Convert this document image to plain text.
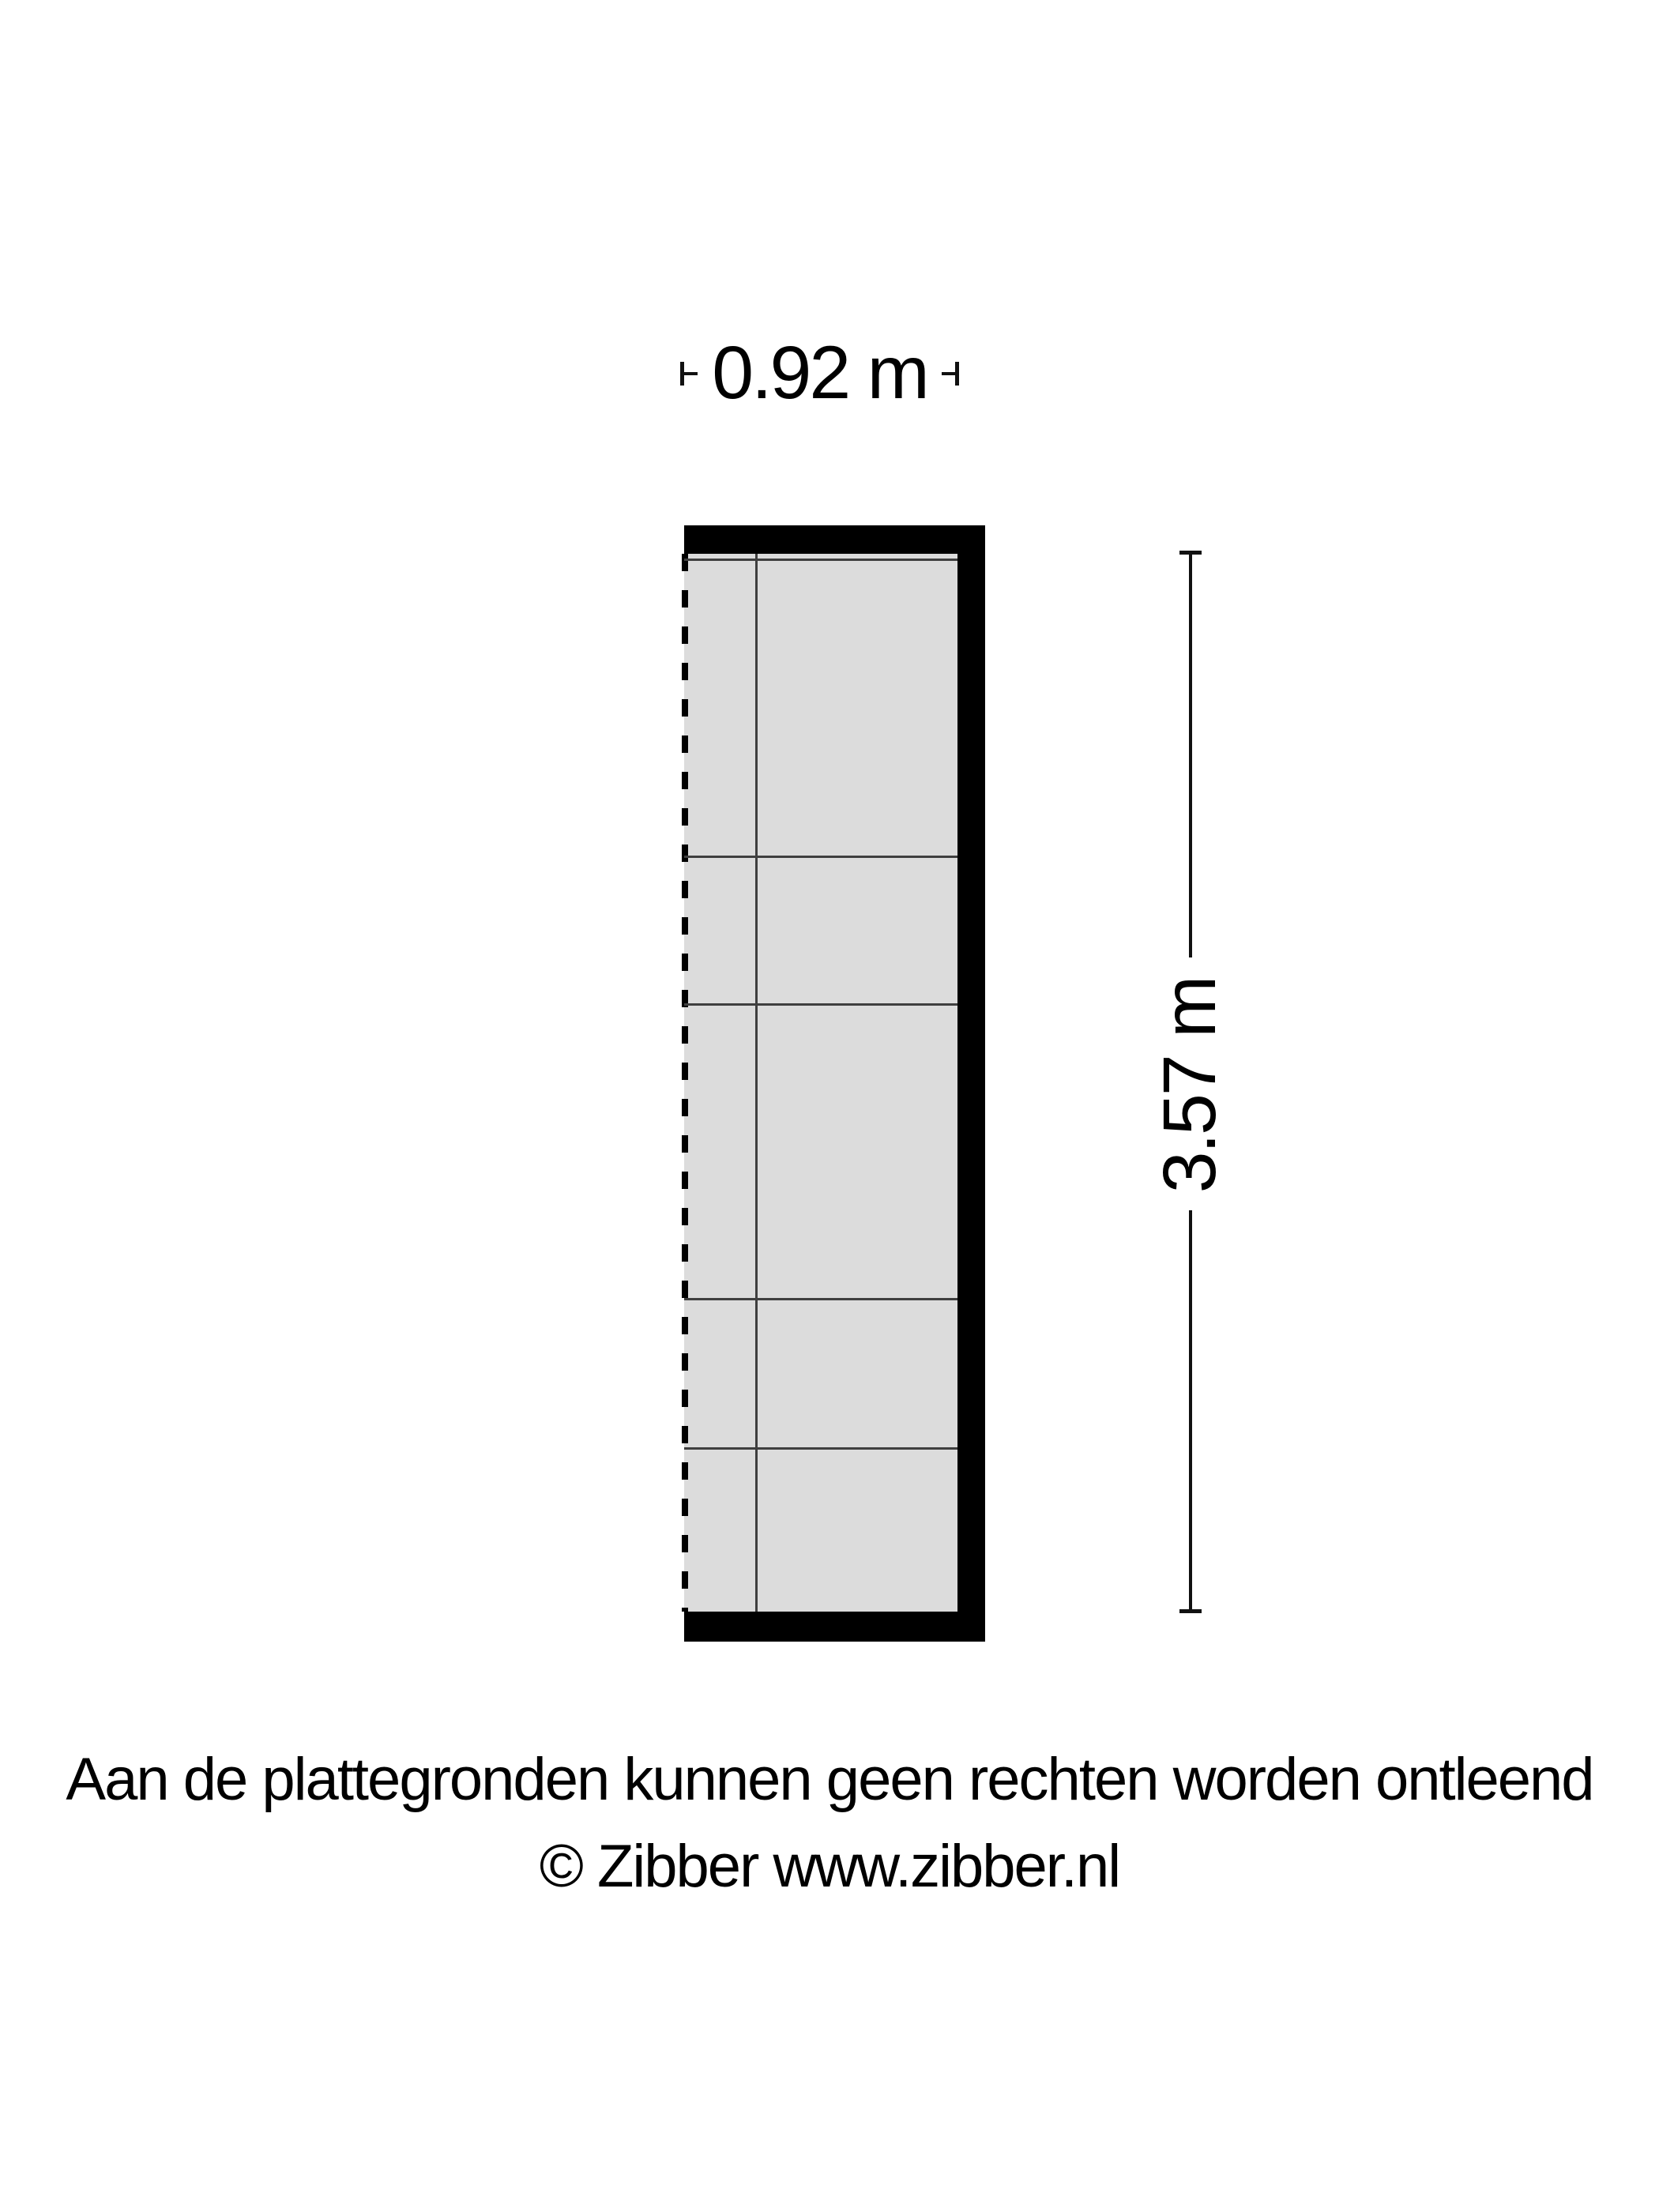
0.92 m
3.57 m
Aan de plattegronden kunnen geen rechten worden ontleend
© Zibber www.zibber.nl
